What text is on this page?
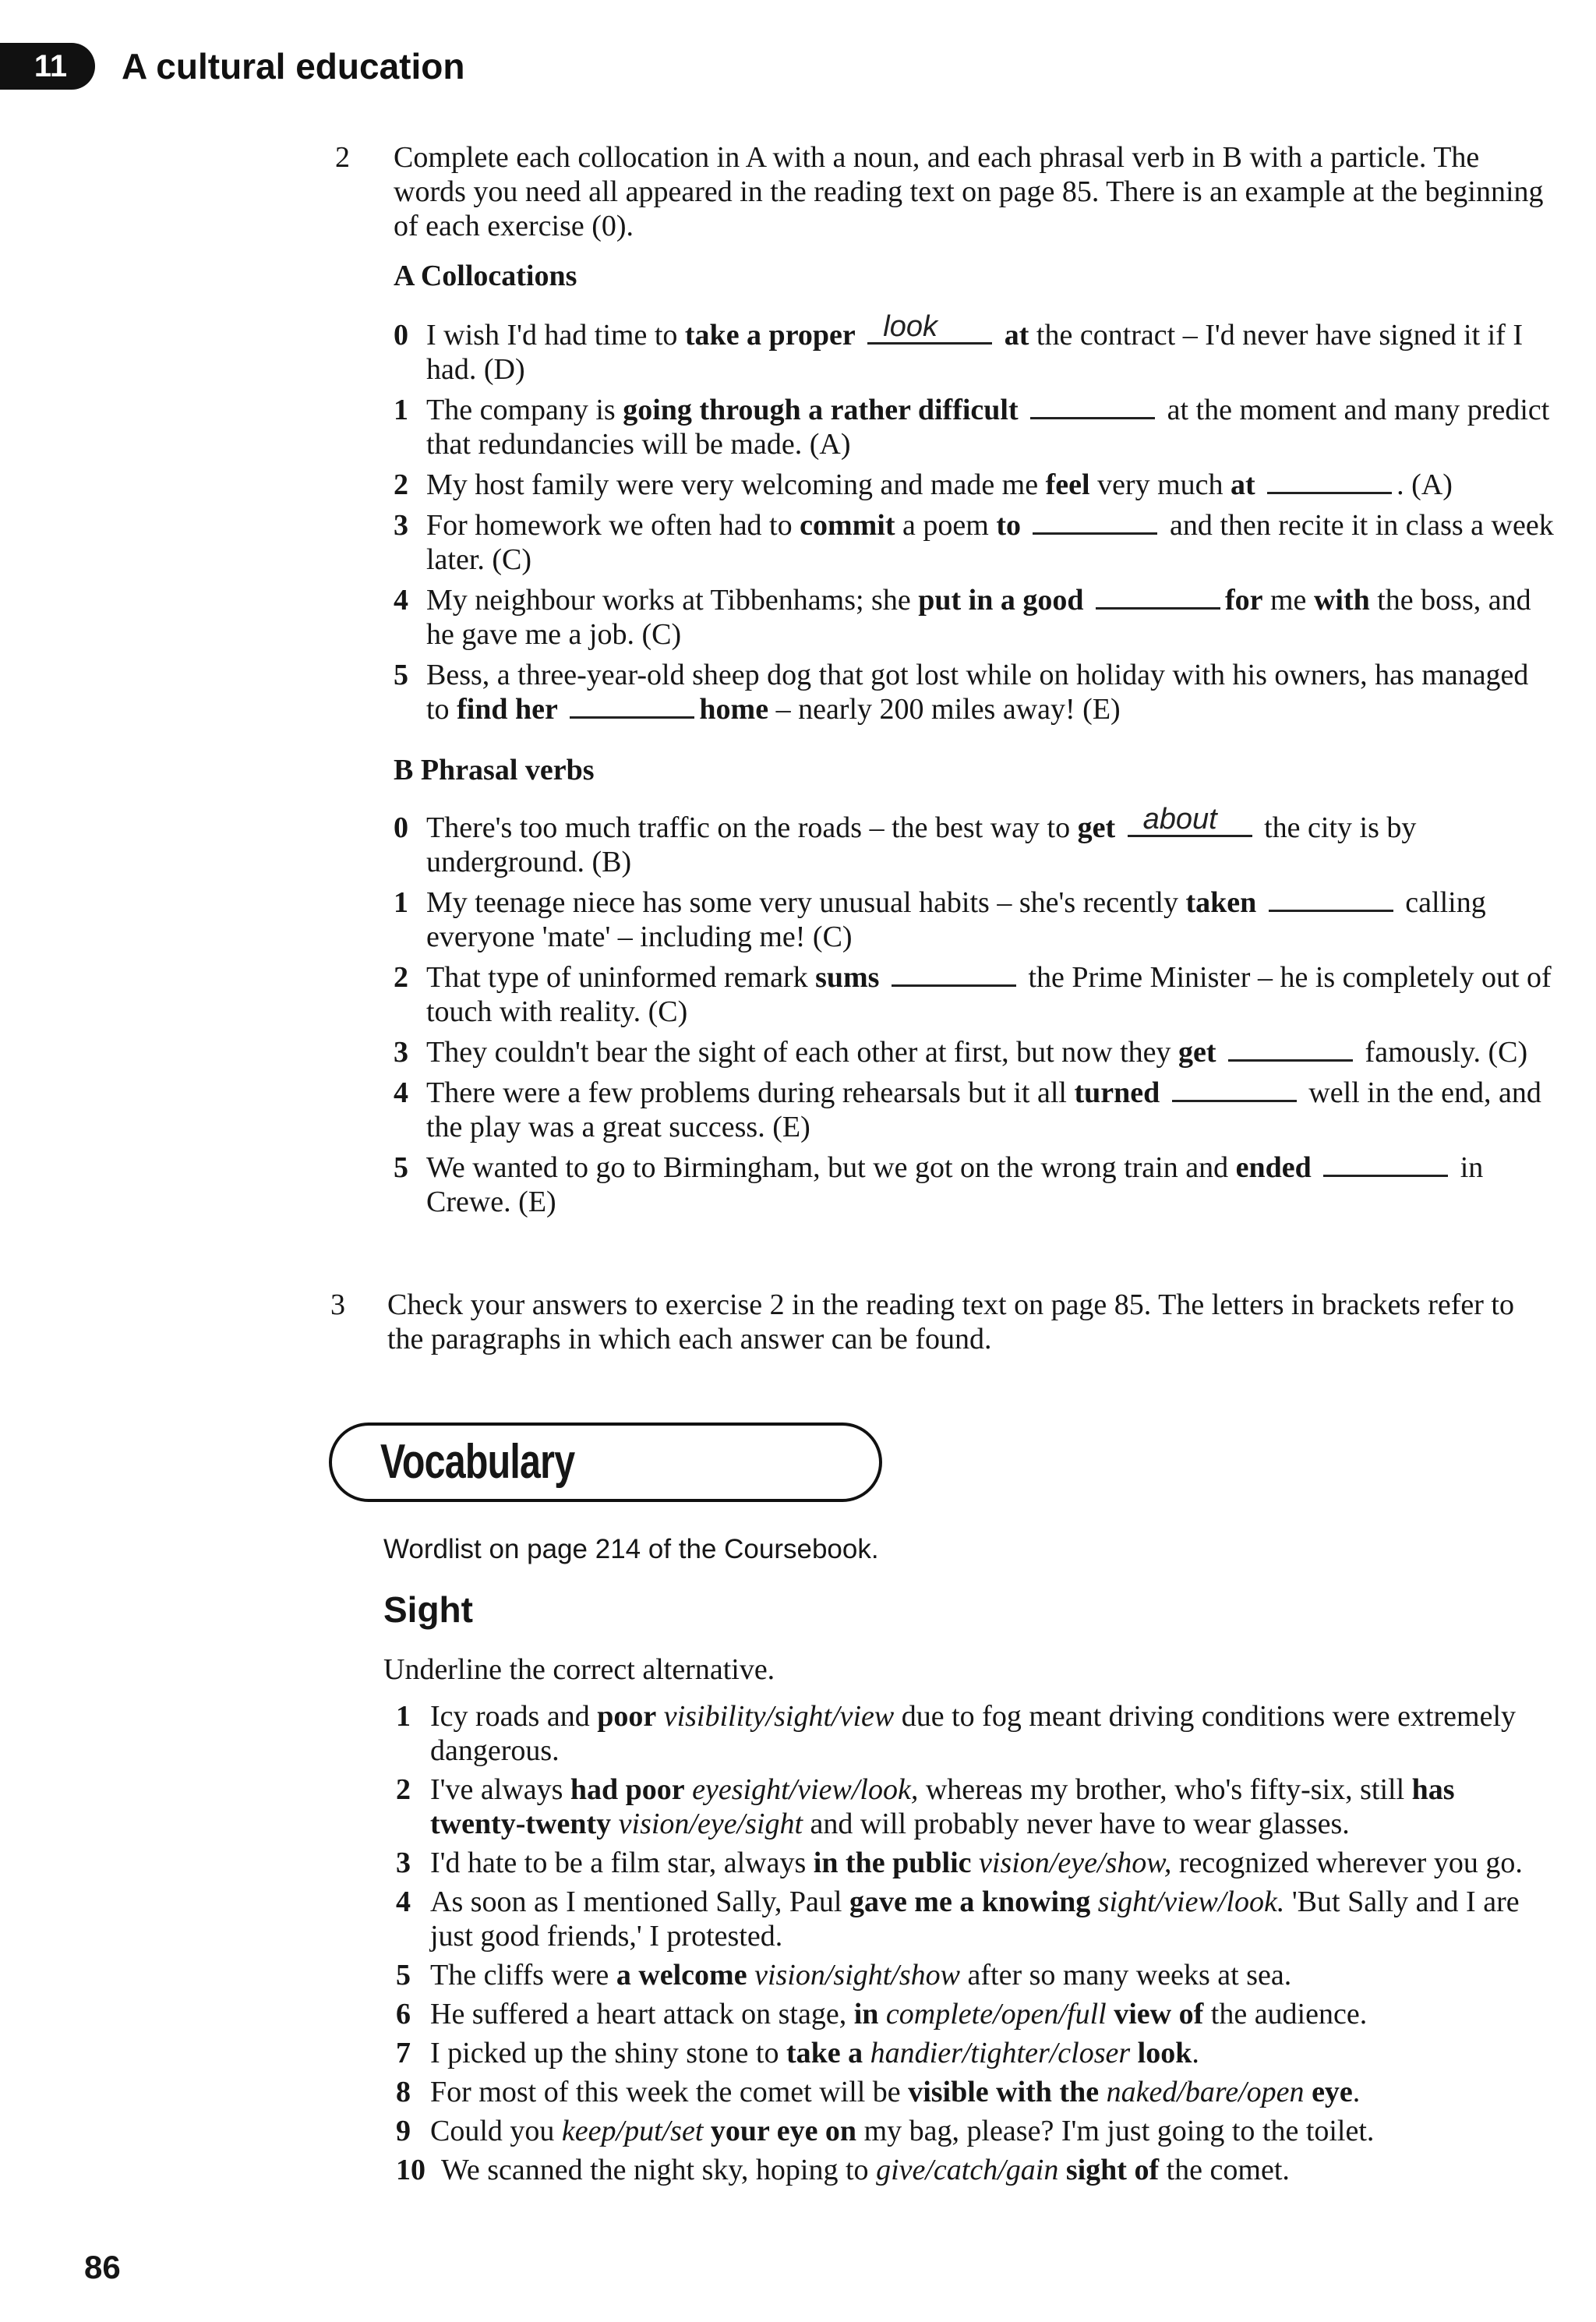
11	A cultural education
2 Complete each collocation in A with a noun, and each phrasal verb in B with a particle. The words you need all appeared in the reading text on page 85. There is an example at the beginning of each exercise (0).
A Collocations
0 I wish I'd had time to take a proper look at the contract – I'd never have signed it if I had. (D)
1 The company is going through a rather difficult	at the moment and many predict that redundancies will be made. (A)
2 My host family were very welcoming and made me feel very much at	. (A)
3 For homework we often had to commit a poem to	and then recite it in class a week later. (C)
4 My neighbour works at Tibbenhams; she put in a good	for me with the boss, and he gave me a job. (C)
5 Bess, a three-year-old sheep dog that got lost while on holiday with his owners, has managed to find her	home – nearly 200 miles away! (E)
B Phrasal verbs
0 There's too much traffic on the roads – the best way to get about the city is by underground. (B)
1 My teenage niece has some very unusual habits – she's recently taken	calling everyone 'mate' – including me! (C)
2 That type of uninformed remark sums	the Prime Minister – he is completely out of touch with reality. (C)
3 They couldn't bear the sight of each other at first, but now they get	famously. (C)
4 There were a few problems during rehearsals but it all turned	well in the end, and the play was a great success. (E)
5 We wanted to go to Birmingham, but we got on the wrong train and ended	in Crewe. (E)
3 Check your answers to exercise 2 in the reading text on page 85. The letters in brackets refer to the paragraphs in which each answer can be found.
Vocabulary
Wordlist on page 214 of the Coursebook.
Sight
Underline the correct alternative.
1 Icy roads and poor visibility/sight/view due to fog meant driving conditions were extremely dangerous.
2 I've always had poor eyesight/view/look, whereas my brother, who's fifty-six, still has twenty-twenty vision/eye/sight and will probably never have to wear glasses.
3 I'd hate to be a film star, always in the public vision/eye/show, recognized wherever you go.
4 As soon as I mentioned Sally, Paul gave me a knowing sight/view/look. 'But Sally and I are just good friends,' I protested.
5 The cliffs were a welcome vision/sight/show after so many weeks at sea.
6 He suffered a heart attack on stage, in complete/open/full view of the audience.
7 I picked up the shiny stone to take a handier/tighter/closer look.
8 For most of this week the comet will be visible with the naked/bare/open eye.
9 Could you keep/put/set your eye on my bag, please? I'm just going to the toilet.
10 We scanned the night sky, hoping to give/catch/gain sight of the comet.
86
